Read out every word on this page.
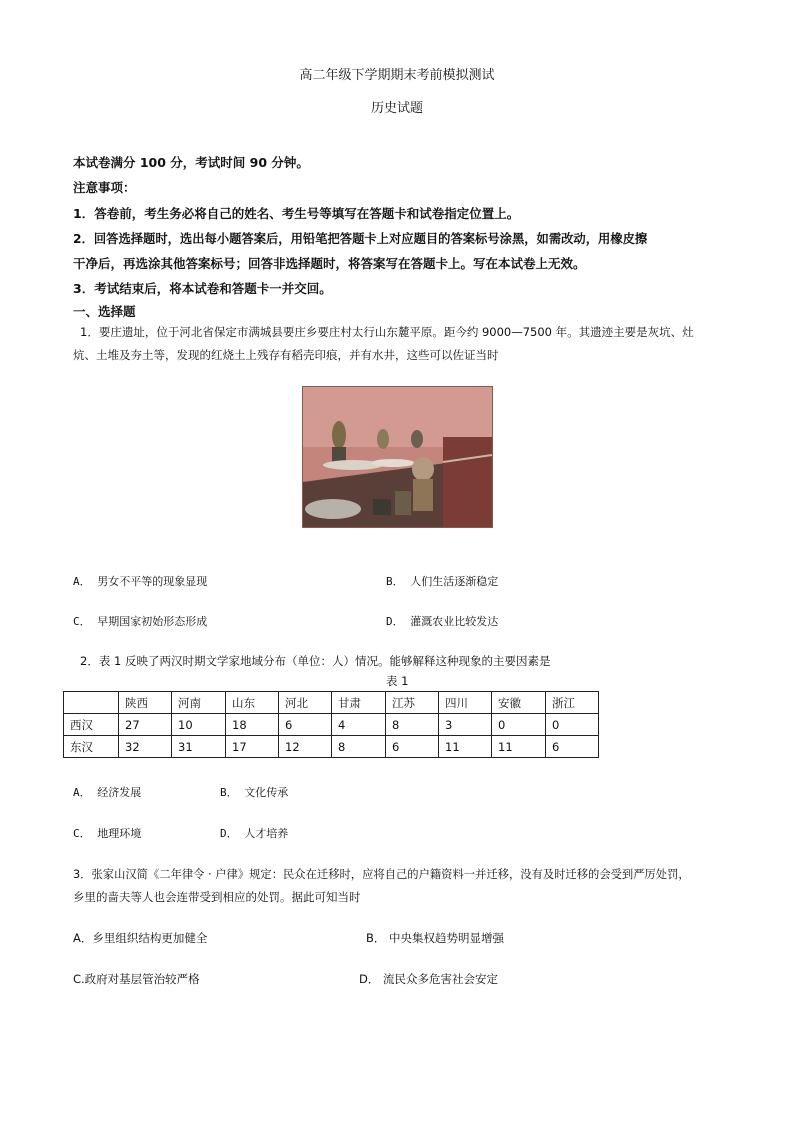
高二年级下学期期末考前模拟测试
历史试题
本试卷满分 100 分，考试时间 90 分钟。
注意事项：
1．答卷前，考生务必将自己的姓名、考生号等填写在答题卡和试卷指定位置上。
2．回答选择题时，选出每小题答案后，用铅笔把答题卡上对应题目的答案标号涂黑，如需改动，用橡皮擦
干净后，再选涂其他答案标号；回答非选择题时，将答案写在答题卡上。写在本试卷上无效。
3．考试结束后，将本试卷和答题卡一并交回。
一、选择题
1．要庄遗址，位于河北省保定市满城县要庄乡要庄村太行山东麓平原。距今约 9000—7500 年。其遗迹主要是灰坑、灶
炕、土堆及夯土等，发现的红烧土上残存有稻壳印痕，并有水井，这些可以佐证当时
A． 男女不平等的现象显现	B． 人们生活逐渐稳定
C． 早期国家初始形态形成	D． 灌溉农业比较发达
2．表 1 反映了两汉时期文学家地域分布（单位：人）情况。能够解释这种现象的主要因素是
表 1
	陕西	河南	山东	河北	甘肃	江苏	四川	安徽	浙江
西汉	27	10	18	6	4	8	3	0	0
东汉	32	31	17	12	8	6	11	11	6
A． 经济发展	B． 文化传承
C． 地理环境	D． 人才培养
3．张家山汉简《二年律令 · 户律》规定：民众在迁移时，应将自己的户籍资料一并迁移，没有及时迁移的会受到严厉处罚，
乡里的啬夫等人也会连带受到相应的处罚。据此可知当时
A．乡里组织结构更加健全	B． 中央集权趋势明显增强
C.政府对基层管治较严格	D． 流民众多危害社会安定
